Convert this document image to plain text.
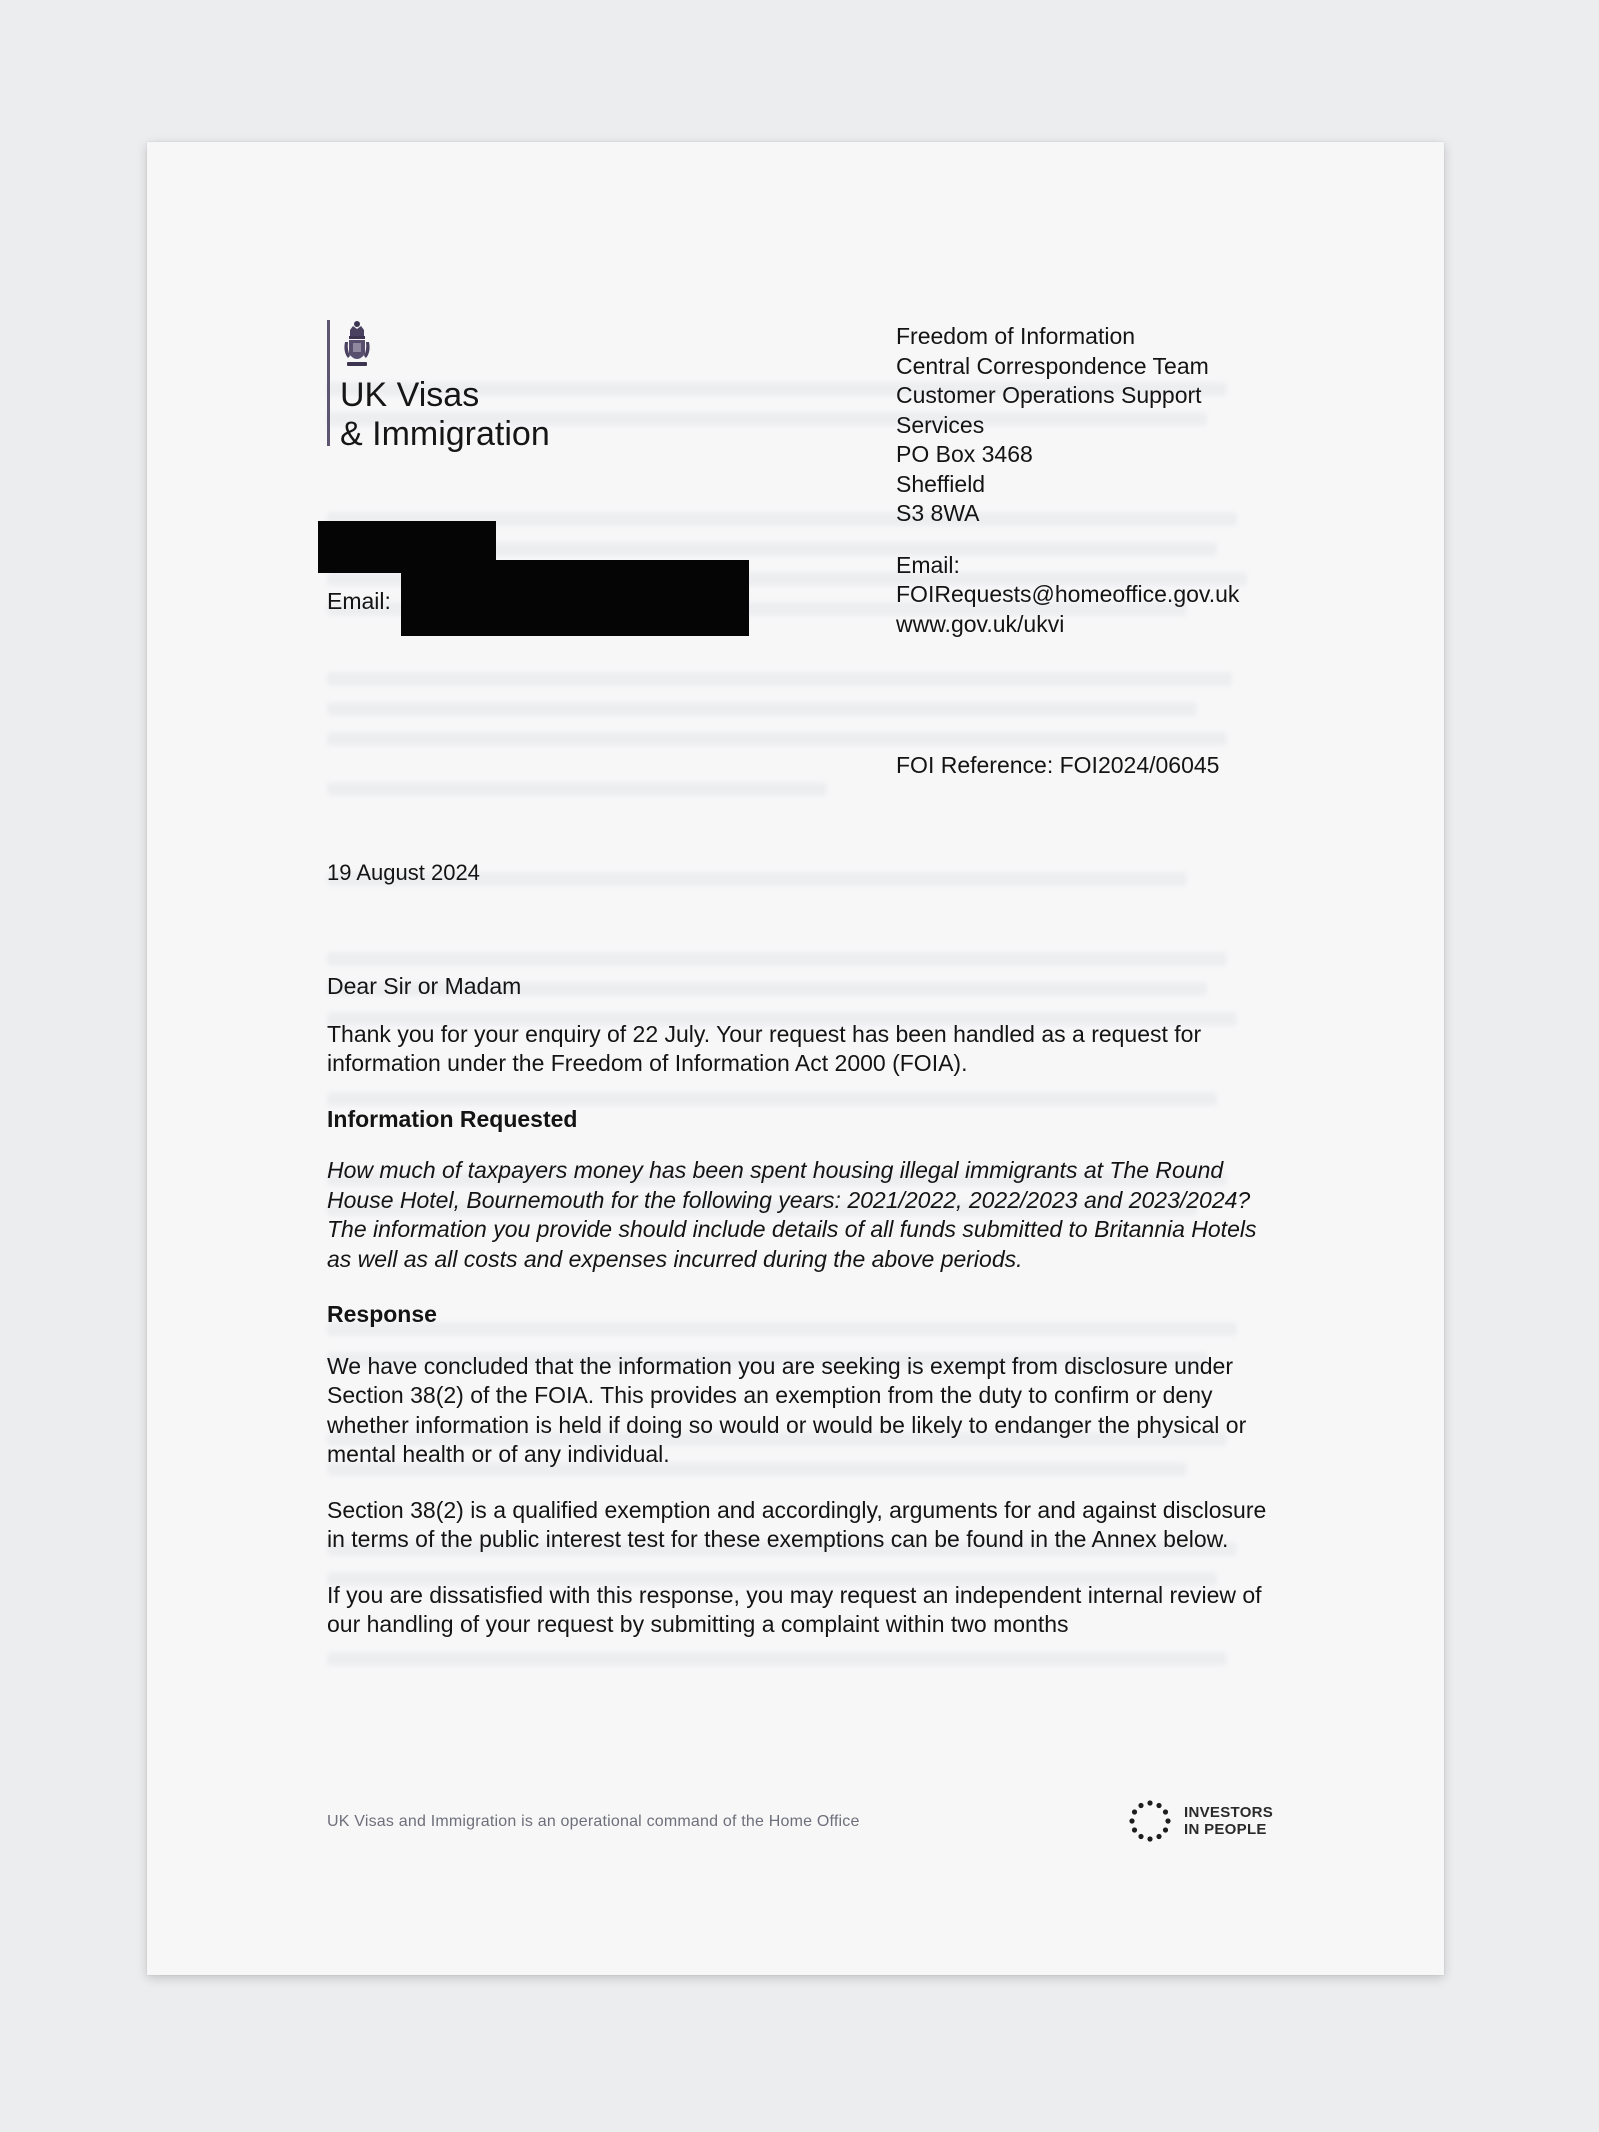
UK Visas
& Immigration
Freedom of Information
Central Correspondence Team
Customer Operations Support
Services
PO Box 3468
Sheffield
S3 8WA
Email:
FOIRequests@homeoffice.gov.uk
www.gov.uk/ukvi
FOI Reference: FOI2024/06045
Email:
19 August 2024

Dear Sir or Madam

Thank you for your enquiry of 22 July. Your request has been handled as a request for information under the Freedom of Information Act 2000 (FOIA).

Information Requested

How much of taxpayers money has been spent housing illegal immigrants at The Round House Hotel, Bournemouth for the following years: 2021/2022, 2022/2023 and 2023/2024? The information you provide should include details of all funds submitted to Britannia Hotels as well as all costs and expenses incurred during the above periods.

Response

We have concluded that the information you are seeking is exempt from disclosure under Section 38(2) of the FOIA. This provides an exemption from the duty to confirm or deny whether information is held if doing so would or would be likely to endanger the physical or mental health or of any individual.

Section 38(2) is a qualified exemption and accordingly, arguments for and against disclosure in terms of the public interest test for these exemptions can be found in the Annex below.

If you are dissatisfied with this response, you may request an independent internal review of our handling of your request by submitting a complaint within two months

UK Visas and Immigration is an operational command of the Home Office
INVESTORS
IN PEOPLE
